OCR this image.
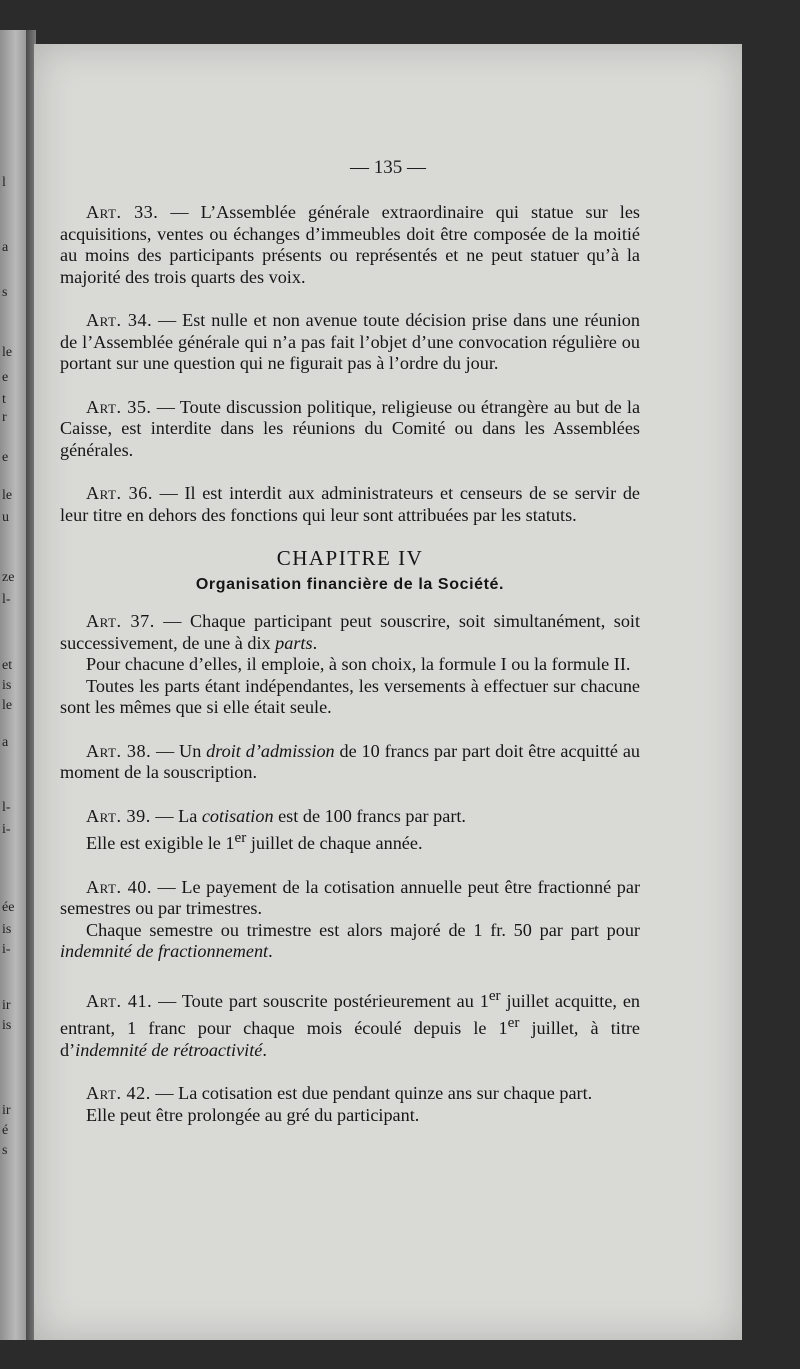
l
a
s
le
e
t
r
e
le
u
ze
l-
et
is
le
a
l-
i-
ée
is
i-
ir
is
ir
é
s
— 135 —

Art. 33. — L’Assemblée générale extraordinaire qui statue sur les acquisitions, ventes ou échanges d’immeubles doit être composée de la moitié au moins des participants présents ou représentés et ne peut statuer qu’à la majorité des trois quarts des voix.

Art. 34. — Est nulle et non avenue toute décision prise dans une réunion de l’Assemblée générale qui n’a pas fait l’objet d’une convocation régulière ou portant sur une question qui ne figurait pas à l’ordre du jour.

Art. 35. — Toute discussion politique, religieuse ou étrangère au but de la Caisse, est interdite dans les réunions du Comité ou dans les Assemblées générales.

Art. 36. — Il est interdit aux administrateurs et censeurs de se servir de leur titre en dehors des fonctions qui leur sont attribuées par les statuts.

CHAPITRE IV
Organisation financière de la Société.

Art. 37. — Chaque participant peut souscrire, soit simultanément, soit successivement, de une à dix parts.

Pour chacune d’elles, il emploie, à son choix, la formule I ou la formule II.

Toutes les parts étant indépendantes, les versements à effectuer sur chacune sont les mêmes que si elle était seule.

Art. 38. — Un droit d’admission de 10 francs par part doit être acquitté au moment de la souscription.

Art. 39. — La cotisation est de 100 francs par part.

Elle est exigible le 1er juillet de chaque année.

Art. 40. — Le payement de la cotisation annuelle peut être fractionné par semestres ou par trimestres.

Chaque semestre ou trimestre est alors majoré de 1 fr. 50 par part pour indemnité de fractionnement.

Art. 41. — Toute part souscrite postérieurement au 1er juillet acquitte, en entrant, 1 franc pour chaque mois écoulé depuis le 1er juillet, à titre d’indemnité de rétroactivité.

Art. 42. — La cotisation est due pendant quinze ans sur chaque part.

Elle peut être prolongée au gré du participant.
